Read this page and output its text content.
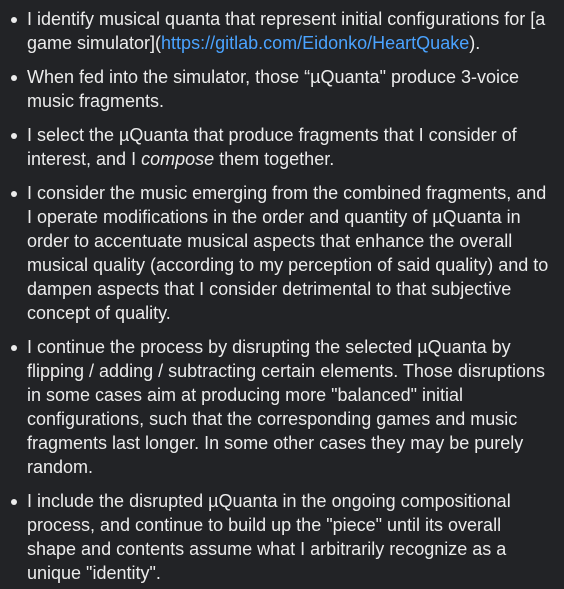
I identify musical quanta that represent initial configurations for [a game simulator](https://gitlab.com/Eidonko/HeartQuake).
When fed into the simulator, those “µQuanta" produce 3-voice music fragments.
I select the µQuanta that produce fragments that I consider of interest, and I compose them together.
I consider the music emerging from the combined fragments, and I operate modifications in the order and quantity of µQuanta in order to accentuate musical aspects that enhance the overall musical quality (according to my perception of said quality) and to dampen aspects that I consider detrimental to that subjective concept of quality.
I continue the process by disrupting the selected µQuanta by flipping / adding / subtracting certain elements. Those disruptions in some cases aim at producing more "balanced" initial configurations, such that the corresponding games and music fragments last longer. In some other cases they may be purely random.
I include the disrupted µQuanta in the ongoing compositional process, and continue to build up the "piece" until its overall shape and contents assume what I arbitrarily recognize as a unique "identity".
